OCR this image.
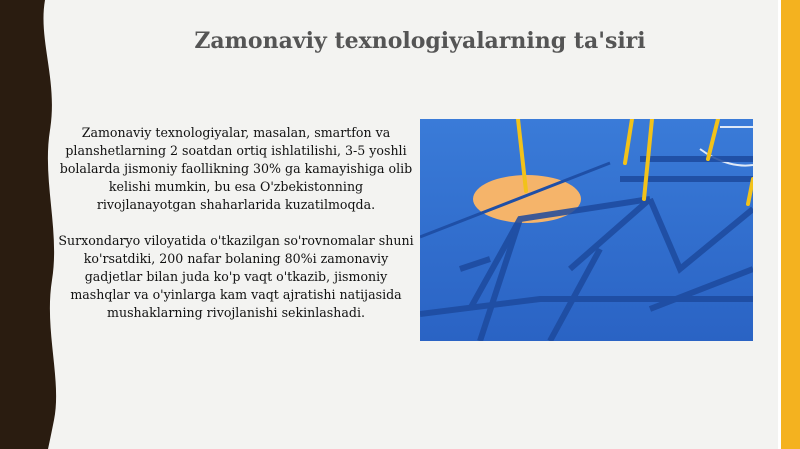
Zamonaviy texnologiyalarning ta'siri

Zamonaviy texnologiyalar, masalan, smartfon va planshetlarning 2 soatdan ortiq ishlatilishi, 3-5 yoshli bolalarda jismoniy faollikning 30% ga kamayishiga olib kelishi mumkin, bu esa O'zbekistonning rivojlanayotgan shaharlarida kuzatilmoqda.

Surxondaryo viloyatida o'tkazilgan so'rovnomalar shuni ko'rsatdiki, 200 nafar bolaning 80%i zamonaviy gadjetlar bilan juda ko'p vaqt o'tkazib, jismoniy mashqlar va o'yinlarga kam vaqt ajratishi natijasida mushaklarning rivojlanishi sekinlashadi.
